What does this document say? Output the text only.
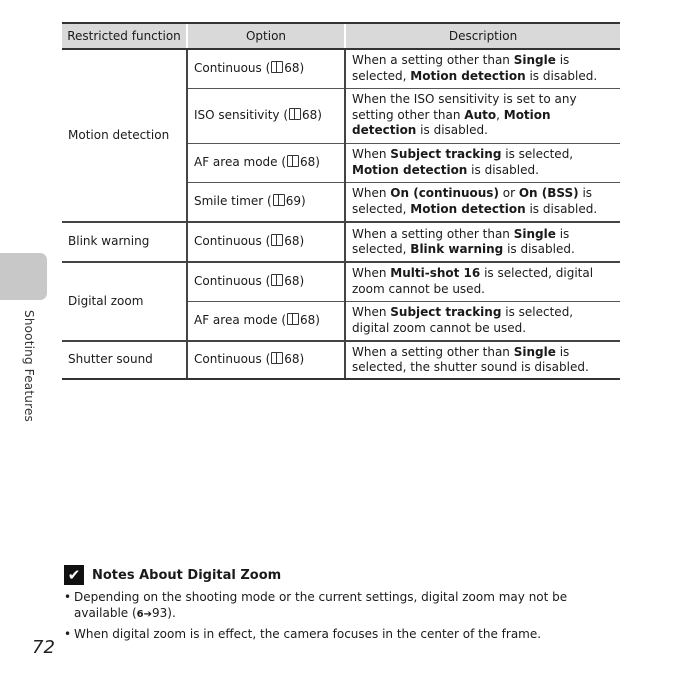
Shooting Features
Restricted function	Option	Description
Motion detection	Continuous ( 68)	When a setting other than Single is selected, Motion detection is disabled.
	ISO sensitivity ( 68)	When the ISO sensitivity is set to any setting other than Auto, Motion detection is disabled.
	AF area mode ( 68)	When Subject tracking is selected, Motion detection is disabled.
	Smile timer ( 69)	When On (continuous) or On (BSS) is selected, Motion detection is disabled.
Blink warning	Continuous ( 68)	When a setting other than Single is selected, Blink warning is disabled.
Digital zoom	Continuous ( 68)	When Multi-shot 16 is selected, digital zoom cannot be used.
	AF area mode ( 68)	When Subject tracking is selected, digital zoom cannot be used.
Shutter sound	Continuous ( 68)	When a setting other than Single is selected, the shutter sound is disabled.
✔ Notes About Digital Zoom
• Depending on the shooting mode or the current settings, digital zoom may not be available (6➔93).
• When digital zoom is in effect, the camera focuses in the center of the frame.
72
